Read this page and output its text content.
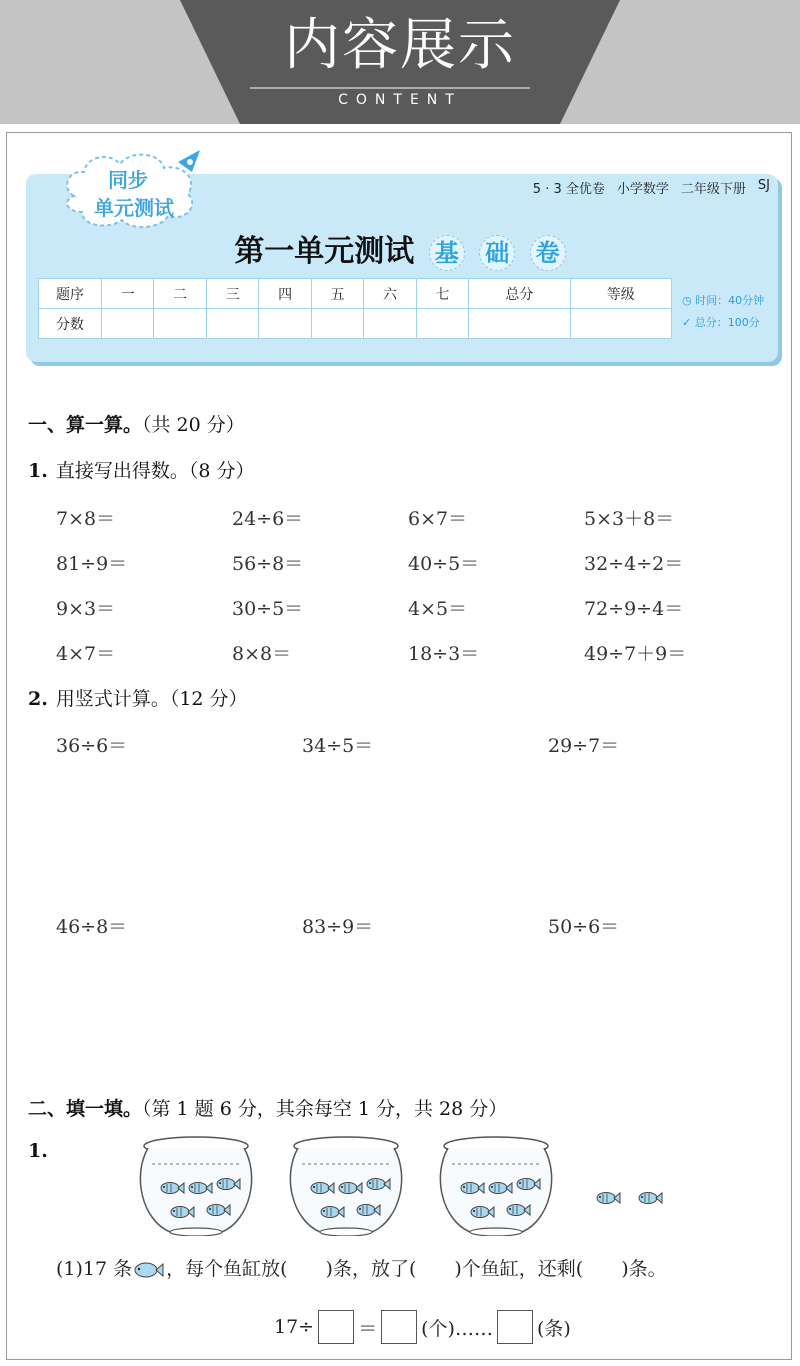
内容展示
CONTENT
同步
单元测试
5 · 3 全优卷 小学数学 二年级下册 SJ
第一单元测试 基 础 卷
题序	一	二	三	四	五	六	七	总分	等级
分数									
◷ 时间：40分钟
✓ 总分：100分
一、算一算。（共 20 分）
1. 直接写出得数。（8 分）
7×8＝	24÷6＝	6×7＝	5×3＋8＝
81÷9＝	56÷8＝	40÷5＝	32÷4÷2＝
9×3＝	30÷5＝	4×5＝	72÷9÷4＝
4×7＝	8×8＝	18÷3＝	49÷7＋9＝
2. 用竖式计算。（12 分）
36÷6＝	34÷5＝	29÷7＝
46÷8＝	83÷9＝	50÷6＝
二、填一填。（第 1 题 6 分，其余每空 1 分，共 28 分）
1.
(1)17 条 ，每个鱼缸放(　　)条，放了(　　)个鱼缸，还剩(　　)条。
17÷ ＝ (个)…… (条)
